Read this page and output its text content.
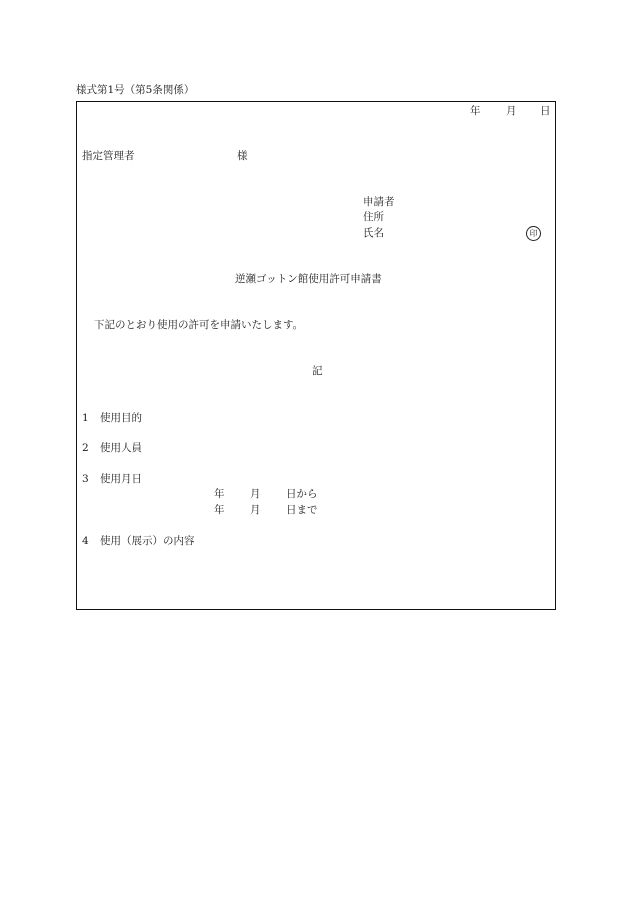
様式第1号（第5条関係）
年 月 日
指定管理者	様
申請者
住所
氏名	印
逆瀬ゴットン館使用許可申請書
下記のとおり使用の許可を申請いたします。
記
1 使用目的
2 使用人員
3 使用月日
年 月 日から
年 月 日まで
4 使用（展示）の内容
